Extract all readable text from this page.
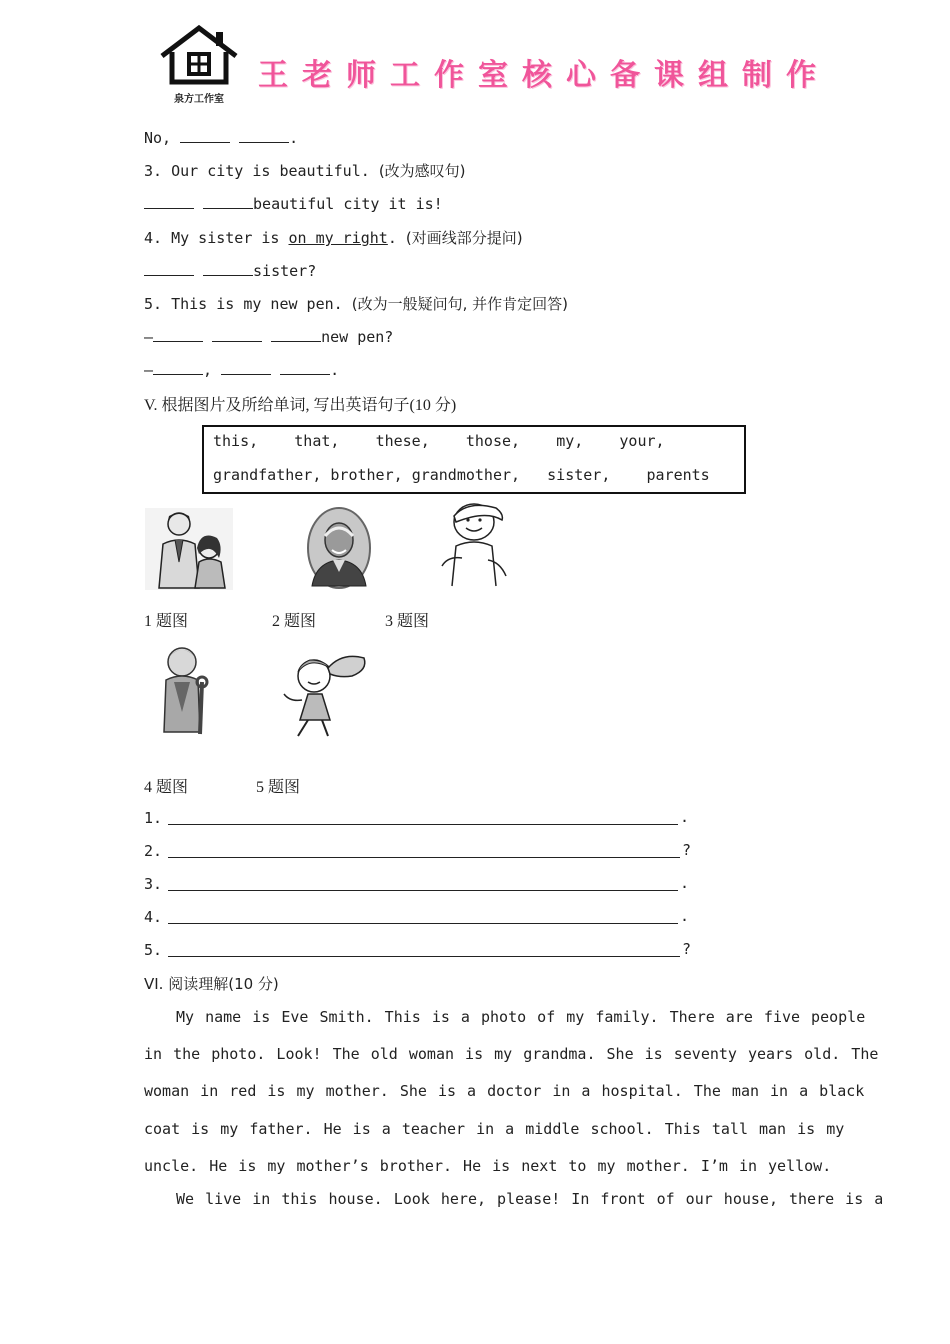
泉方工作室
王老师工作室核心备课组制作
No,	.
3. Our city is beautiful. (改为感叹句)
beautiful city it is!
4. My sister is on my right. (对画线部分提问)
sister?
5. This is my new pen. (改为一般疑问句, 并作肯定回答)
—	new pen?
—	,	.
V. 根据图片及所给单词, 写出英语句子(10 分)
this, that, these, those, my, your,
grandfather, brother, grandmother, sister, parents
1 题图	2 题图	3 题图
4 题图	5 题图
1.	.
2.	?
3.	.
4.	.
5.	?
VI. 阅读理解(10 分)
My name is Eve Smith. This is a photo of my family. There are five people
in the photo. Look! The old woman is my grandma. She is seventy years old. The
woman in red is my mother. She is a doctor in a hospital. The man in a black
coat is my father. He is a teacher in a middle school. This tall man is my
uncle. He is my mother’s brother. He is next to my mother. I’m in yellow.
We live in this house. Look here, please! In front of our house, there is a
